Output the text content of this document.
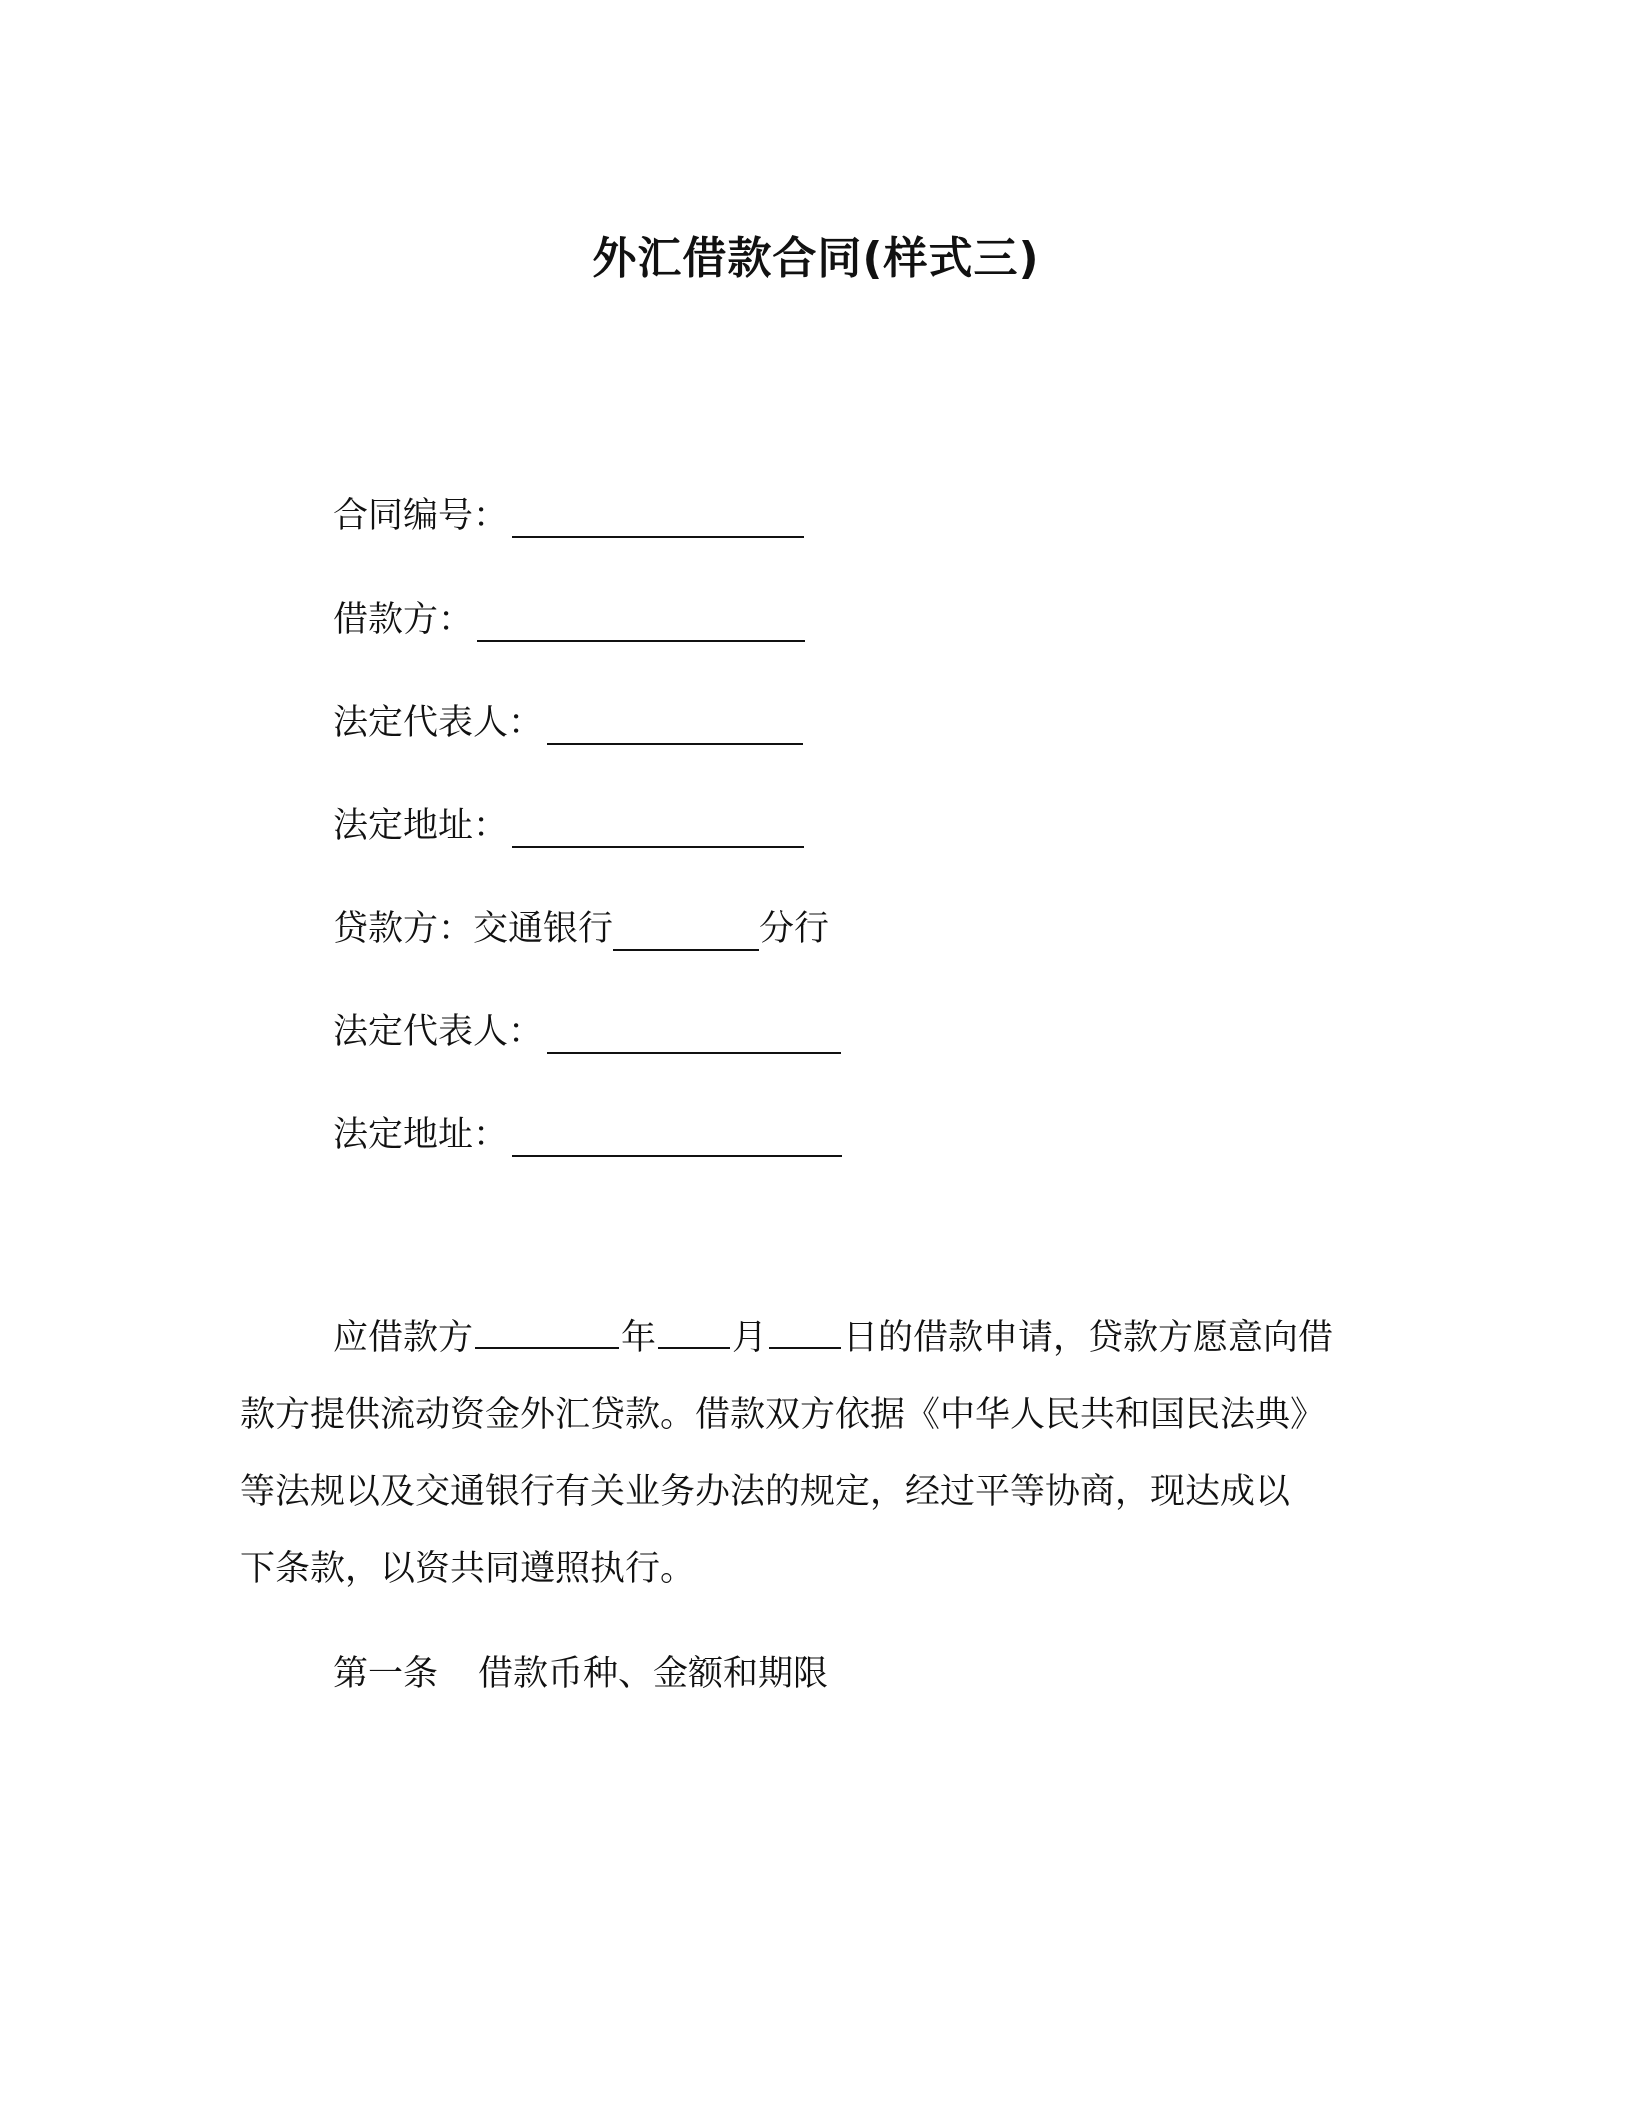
外汇借款合同(样式三)
合同编号：
借款方：
法定代表人：
法定地址：
贷款方：交通银行	分行
法定代表人：
法定地址：
应借款方	年 月 日的借款申请，贷款方愿意向借
款方提供流动资金外汇贷款。借款双方依据《中华人民共和国民法典》
等法规以及交通银行有关业务办法的规定，经过平等协商，现达成以
下条款，以资共同遵照执行。
第一条 借款币种、金额和期限
